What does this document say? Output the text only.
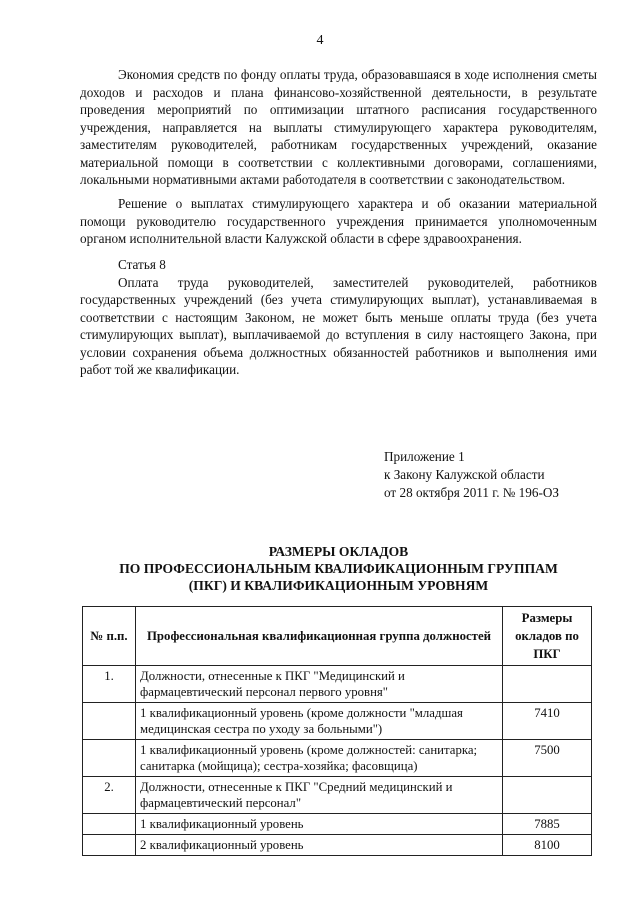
4

Экономия средств по фонду оплаты труда, образовавшаяся в ходе исполнения сметы доходов и расходов и плана финансово-хозяйственной деятельности, в результате проведения мероприятий по оптимизации штатного расписания государственного учреждения, направляется на выплаты стимулирующего характера руководителям, заместителям руководителей, работникам государственных учреждений, оказание материальной помощи в соответствии с коллективными договорами, соглашениями, локальными нормативными актами работодателя в соответствии с законодательством.

Решение о выплатах стимулирующего характера и об оказании материальной помощи руководителю государственного учреждения принимается уполномоченным органом исполнительной власти Калужской области в сфере здравоохранения.

Статья 8

Оплата труда руководителей, заместителей руководителей, работников государственных учреждений (без учета стимулирующих выплат), устанавливаемая в соответствии с настоящим Законом, не может быть меньше оплаты труда (без учета стимулирующих выплат), выплачиваемой до вступления в силу настоящего Закона, при условии сохранения объема должностных обязанностей работников и выполнения ими работ той же квалификации.

Приложение 1
к Закону Калужской области
от 28 октября 2011 г. № 196-ОЗ
РАЗМЕРЫ ОКЛАДОВ
ПО ПРОФЕССИОНАЛЬНЫМ КВАЛИФИКАЦИОННЫМ ГРУППАМ
(ПКГ) И КВАЛИФИКАЦИОННЫМ УРОВНЯМ
№ п.п.	Профессиональная квалификационная группа должностей	Размеры окладов по ПКГ
1.	Должности, отнесенные к ПКГ "Медицинский и фармацевтический персонал первого уровня"	
	1 квалификационный уровень (кроме должности "младшая медицинская сестра по уходу за больными")	7410
	1 квалификационный уровень (кроме должностей: санитарка; санитарка (мойщица); сестра-хозяйка; фасовщица)	7500
2.	Должности, отнесенные к ПКГ "Средний медицинский и фармацевтический персонал"	
	1 квалификационный уровень	7885
	2 квалификационный уровень	8100
